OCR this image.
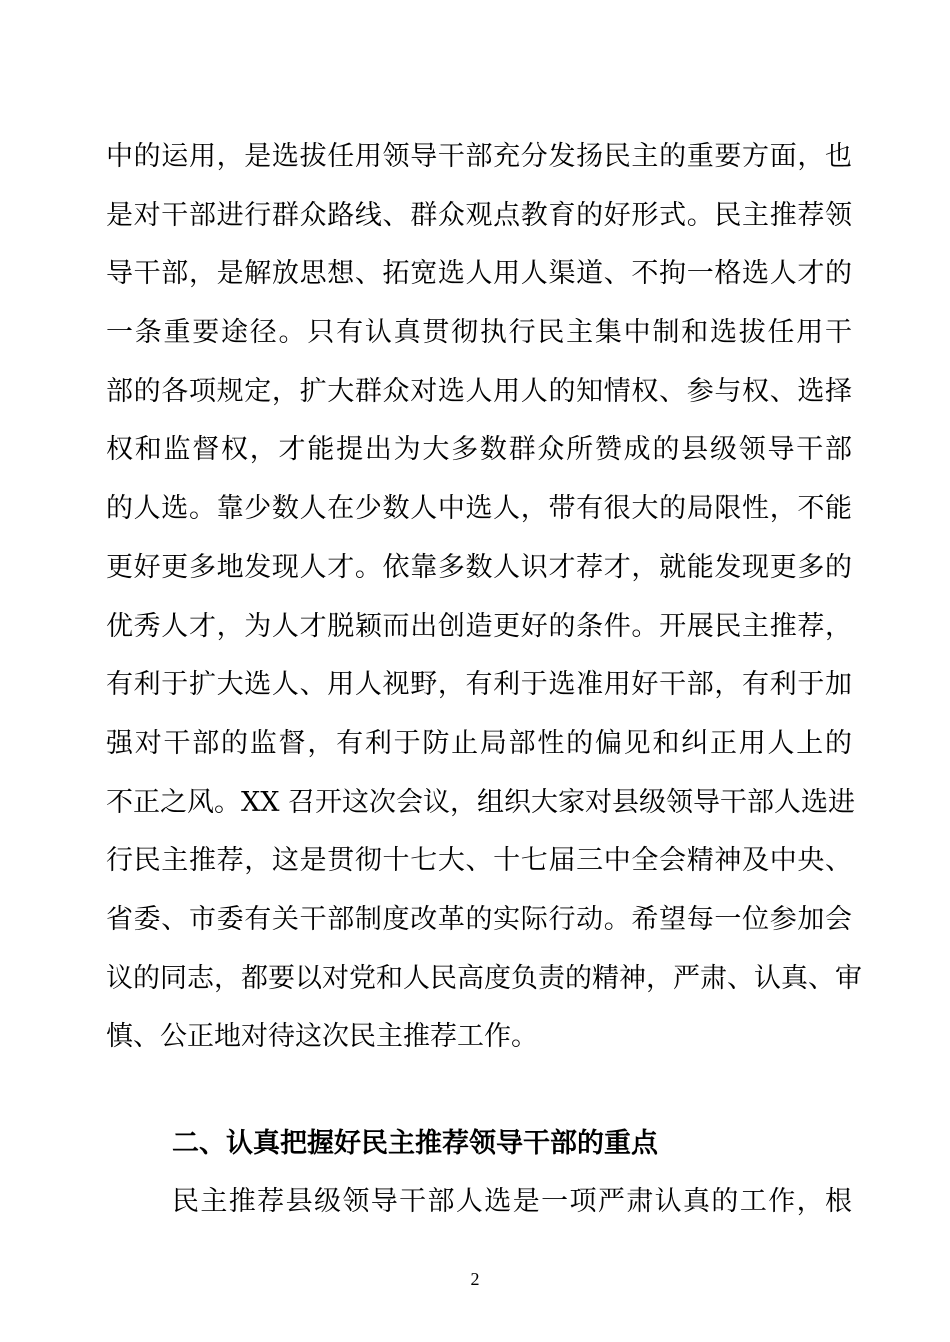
中的运用，是选拔任用领导干部充分发扬民主的重要方面，也
是对干部进行群众路线、群众观点教育的好形式。民主推荐领
导干部，是解放思想、拓宽选人用人渠道、不拘一格选人才的
一条重要途径。只有认真贯彻执行民主集中制和选拔任用干
部的各项规定，扩大群众对选人用人的知情权、参与权、选择
权和监督权，才能提出为大多数群众所赞成的县级领导干部
的人选。靠少数人在少数人中选人，带有很大的局限性，不能
更好更多地发现人才。依靠多数人识才荐才，就能发现更多的
优秀人才，为人才脱颖而出创造更好的条件。开展民主推荐，
有利于扩大选人、用人视野，有利于选准用好干部，有利于加
强对干部的监督，有利于防止局部性的偏见和纠正用人上的
不正之风。XX 召开这次会议，组织大家对县级领导干部人选进
行民主推荐，这是贯彻十七大、十七届三中全会精神及中央、
省委、市委有关干部制度改革的实际行动。希望每一位参加会
议的同志，都要以对党和人民高度负责的精神，严肃、认真、审
慎、公正地对待这次民主推荐工作。
二、认真把握好民主推荐领导干部的重点
民主推荐县级领导干部人选是一项严肃认真的工作，根
2
